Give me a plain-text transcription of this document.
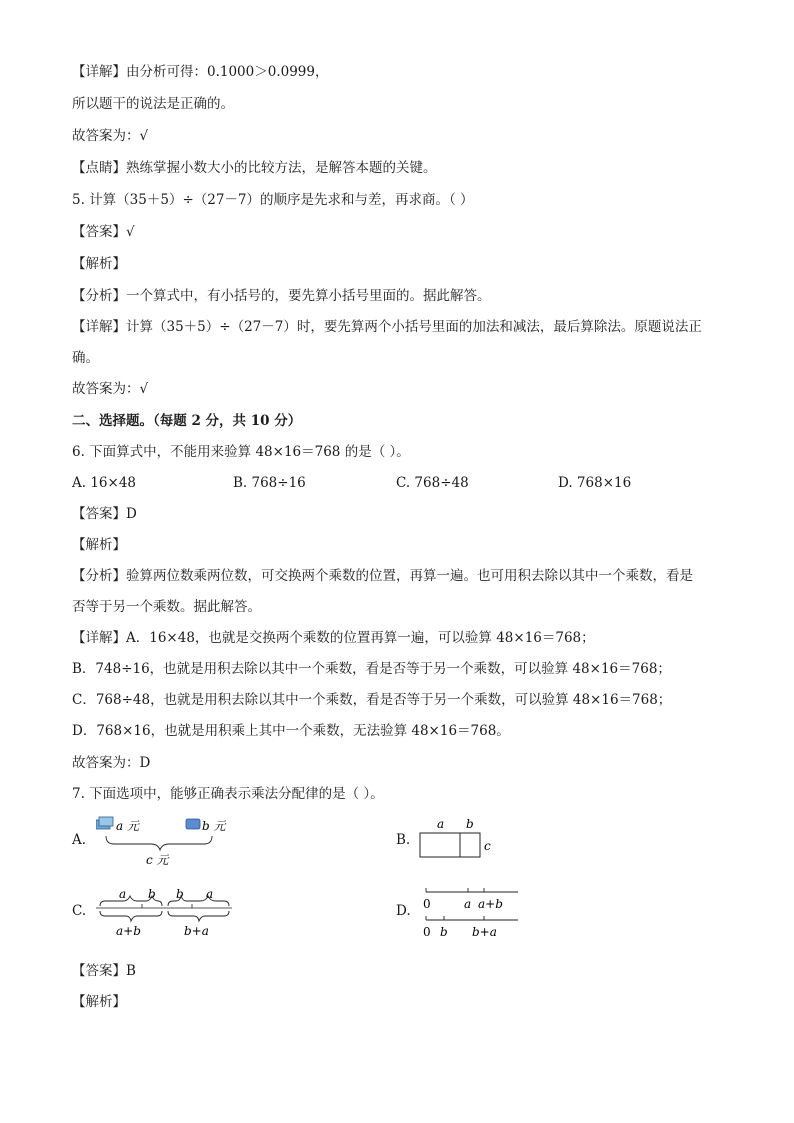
【详解】由分析可得：0.1000＞0.0999，
所以题干的说法是正确的。
故答案为：√
【点睛】熟练掌握小数大小的比较方法，是解答本题的关键。
5. 计算（35＋5）÷（27－7）的顺序是先求和与差，再求商。（ ）
【答案】√
【解析】
【分析】一个算式中，有小括号的，要先算小括号里面的。据此解答。
【详解】计算（35＋5）÷（27－7）时，要先算两个小括号里面的加法和减法，最后算除法。原题说法正
确。
故答案为：√
二、选择题。（每题 2 分，共 10 分）
6. 下面算式中，不能用来验算 48×16＝768 的是（ ）。
A. 16×48	B. 768÷16	C. 768÷48	D. 768×16
【答案】D
【解析】
【分析】验算两位数乘两位数，可交换两个乘数的位置，再算一遍。也可用积去除以其中一个乘数，看是
否等于另一个乘数。据此解答。
【详解】A．16×48，也就是交换两个乘数的位置再算一遍，可以验算 48×16＝768；
B．748÷16，也就是用积去除以其中一个乘数，看是否等于另一个乘数，可以验算 48×16＝768；
C．768÷48，也就是用积去除以其中一个乘数，看是否等于另一个乘数，可以验算 48×16＝768；
D．768×16，也就是用积乘上其中一个乘数，无法验算 48×16＝768。
故答案为：D
7. 下面选项中，能够正确表示乘法分配律的是（ ）。
A.
a 元	b 元
c 元
B.
a b
c
C.
a b b a
a+b	b+a
D. 0	a a+b
0 b b+a
【答案】B
【解析】
